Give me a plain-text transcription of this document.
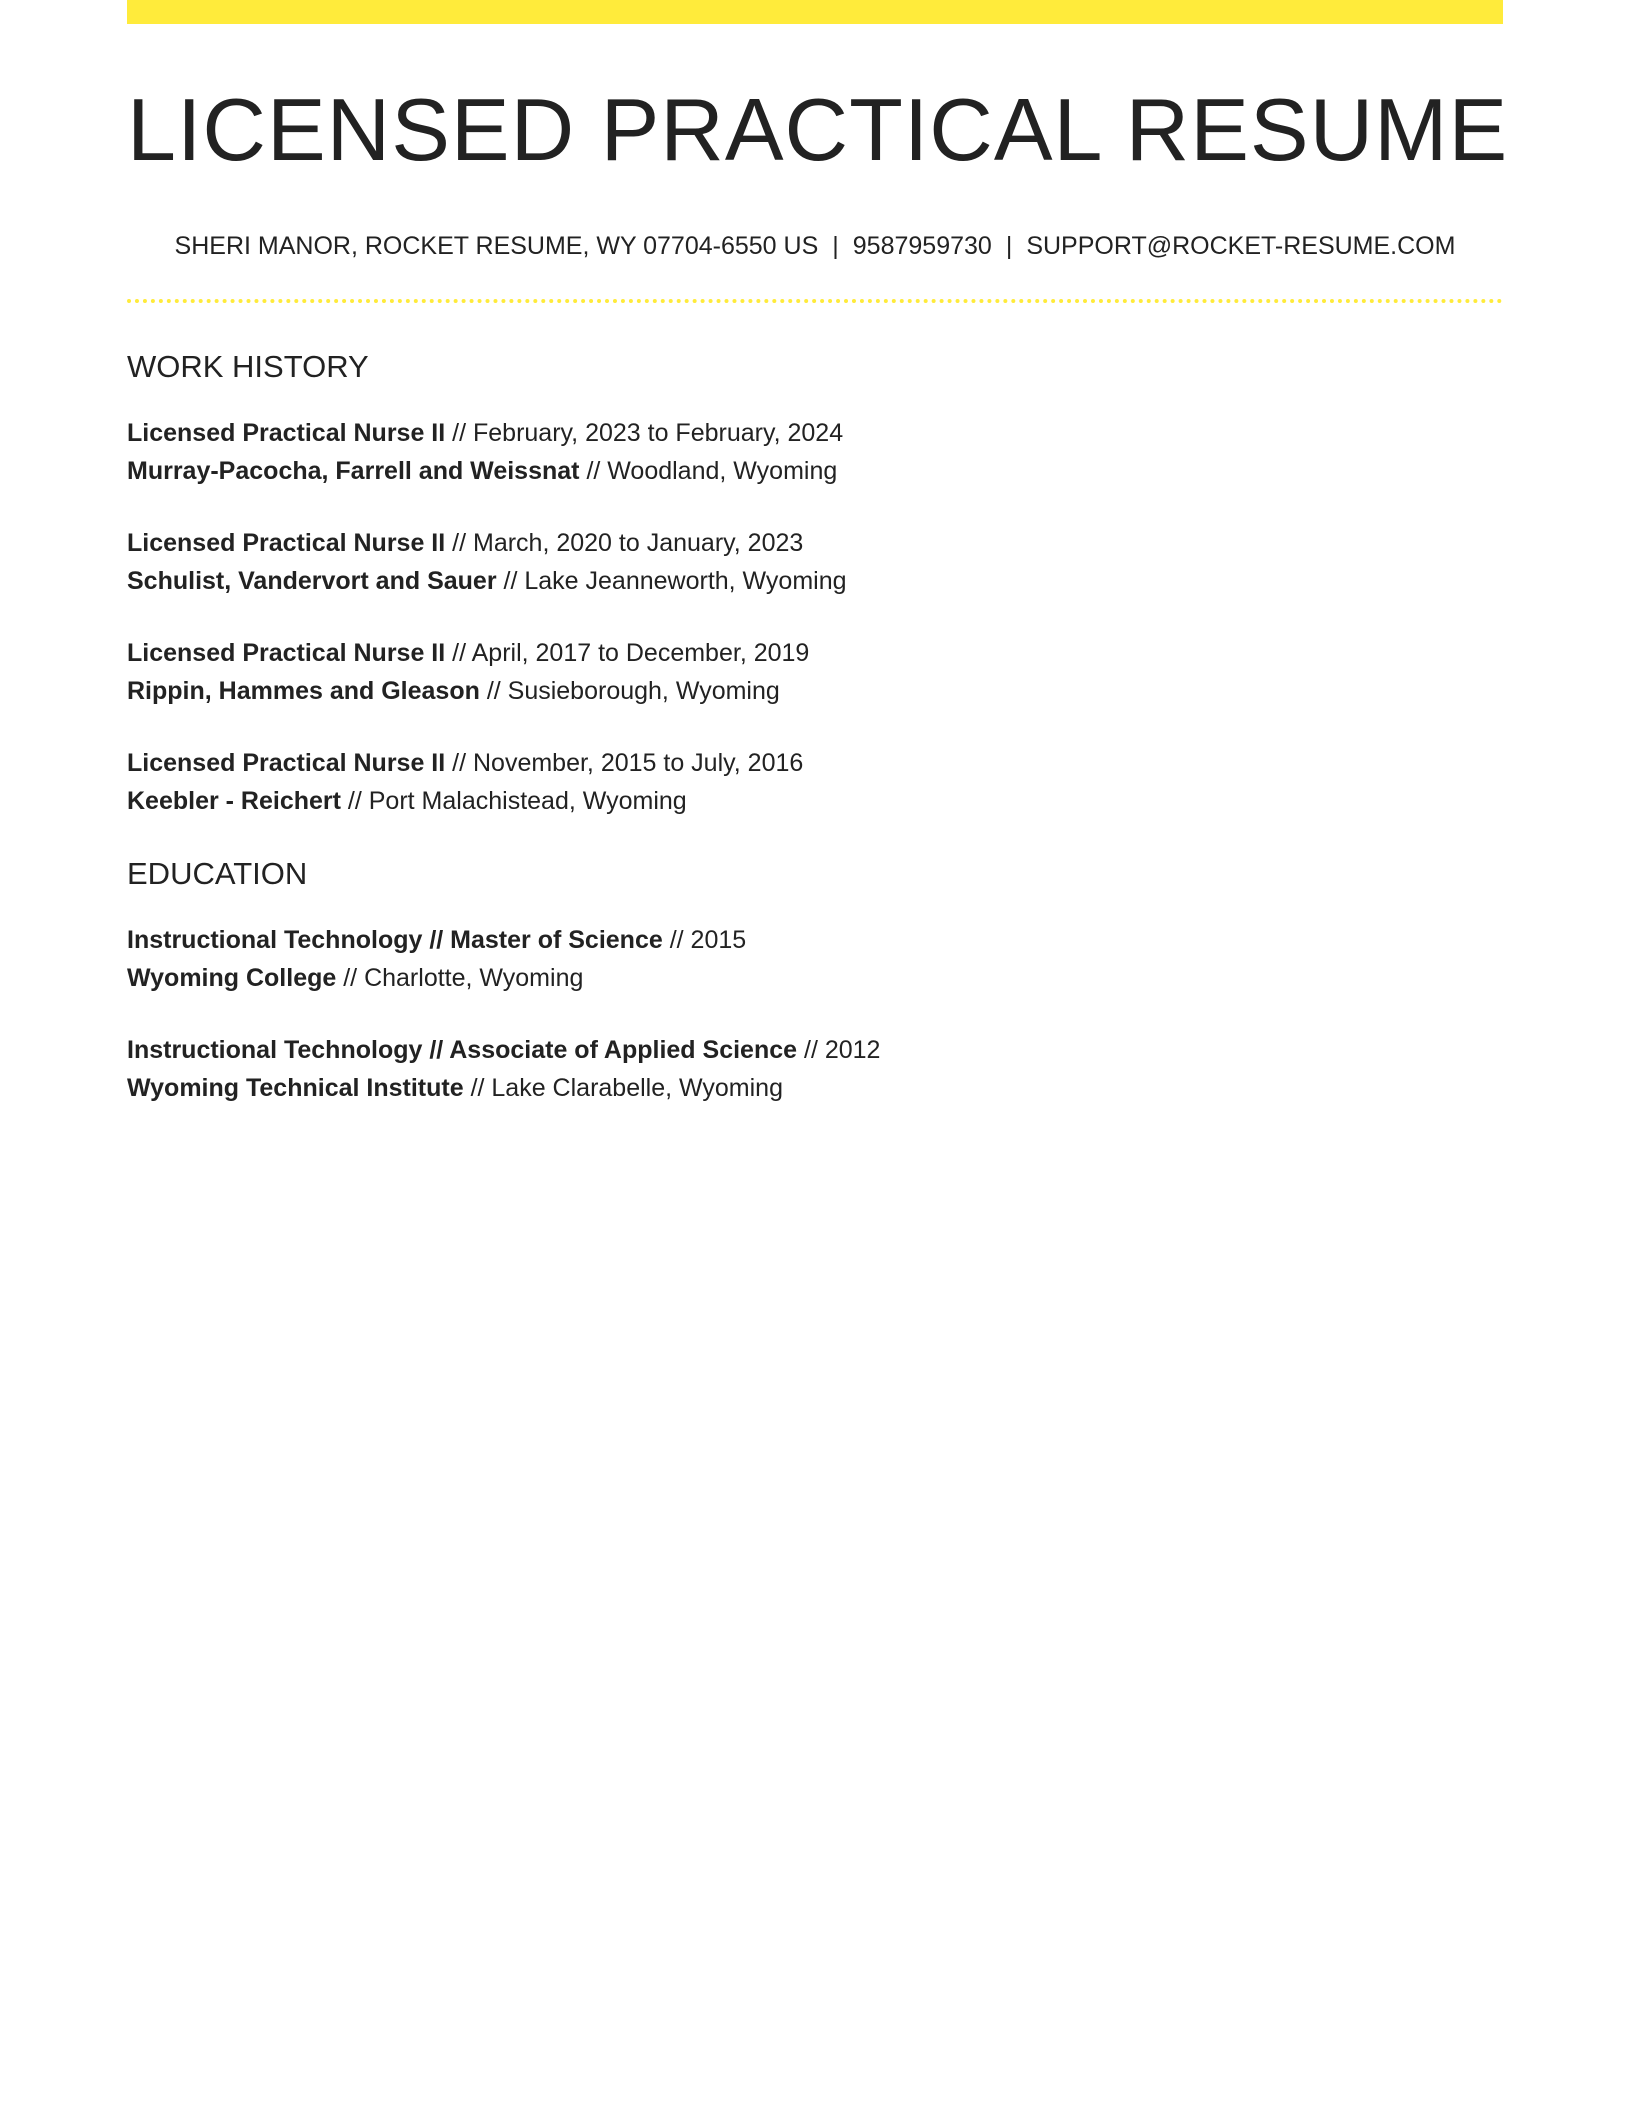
LICENSED PRACTICAL RESUME
SHERI MANOR, ROCKET RESUME, WY 07704-6550 US | 9587959730 | SUPPORT@ROCKET-RESUME.COM
WORK HISTORY
Licensed Practical Nurse II // February, 2023 to February, 2024
Murray-Pacocha, Farrell and Weissnat // Woodland, Wyoming
Licensed Practical Nurse II // March, 2020 to January, 2023
Schulist, Vandervort and Sauer // Lake Jeanneworth, Wyoming
Licensed Practical Nurse II // April, 2017 to December, 2019
Rippin, Hammes and Gleason // Susieborough, Wyoming
Licensed Practical Nurse II // November, 2015 to July, 2016
Keebler - Reichert // Port Malachistead, Wyoming
EDUCATION
Instructional Technology // Master of Science // 2015
Wyoming College // Charlotte, Wyoming
Instructional Technology // Associate of Applied Science // 2012
Wyoming Technical Institute // Lake Clarabelle, Wyoming
